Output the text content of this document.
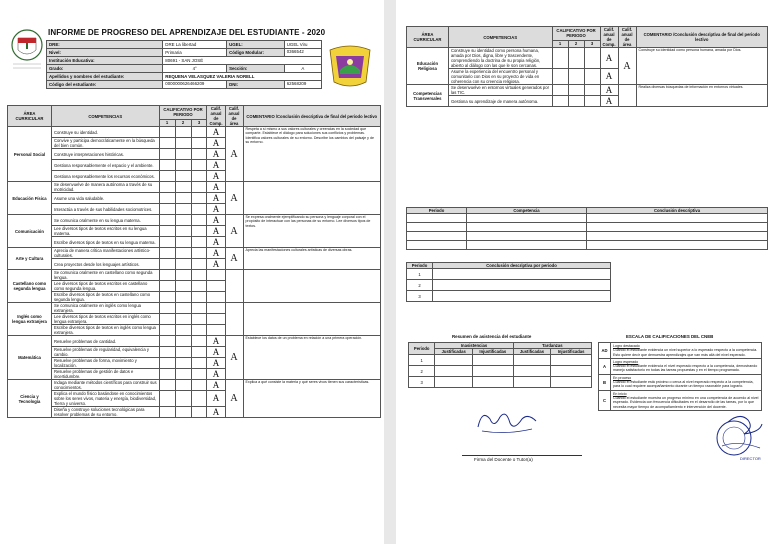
INFORME DE PROGRESO DEL APRENDIZAJE DEL ESTUDIANTE - 2020
DRE:	DRE La libertad	UGEL:	UGEL Viru
Nivel:	Primaria	Código Modular:	0366542
Institución Educativa:	80691 - SAN JOSÉ		
Grado:	4°	Sección:	A
Apellidos y nombres del estudiante:	REQUENA VELASQUEZ VALERIA NORELL		
Código del estudiante:	0000000626466209	DNI:	62568209
ÁREA CURRICULAR	COMPETENCIAS	CALIFICATIVO POR PERIODO			Calif. anual de Comp.	Calif. anual de área	COMENTARIO /Conclusión descriptiva de final del periodo lectivo
		1	2	3			
Personal Social	Construye su identidad.				A	A	Respeta a sí mismo a sus valores culturales y creencias en la sociedad que comparte. Establece el diálogo para soluciones sus conflictos y problemas. Identifica valores culturales de su entorno. Describe los cambios del paisaje y de su entorno.
	Convive y participa democráticamente en la búsqueda del bien común.				A		
	Construye interpretaciones históricas.				A		
	Gestiona responsablemente el espacio y el ambiente.				A		
	Gestiona responsablemente los recursos económicos.				A		
Educación Física	Se desenvuelve de manera autónoma a través de su motricidad.				A	A	
	Asume una vida saludable.				A		
	Interactúa a través de sus habilidades sociomotrices.				A		
Comunicación	Se comunica oralmente en su lengua materna.				A	A	Se expresa oralmente ejemplificando su persona y lenguaje corporal con el propósito de interactuar con las personas de su entorno. Lee diversos tipos de textos.
	Lee diversos tipos de textos escritos en su lengua materna.				A		
	Escribe diversos tipos de textos en su lengua materna.				A		
Arte y Cultura	Aprecia de manera crítica manifestaciones artístico-culturales.				A	A	Aprecia las manifestaciones culturales artísticas de diversas obras.
	Crea proyectos desde los lenguajes artísticos.				A		
Castellano como segunda lengua	Se comunica oralmente en castellano como segunda lengua.						
	Lee diversos tipos de textos escritos en castellano como segunda lengua.						
	Escribe diversos tipos de textos en castellano como segunda lengua.						
Inglés como lengua extranjera	Se comunica oralmente en inglés como lengua extranjera.						
	Lee diversos tipos de textos escritos en inglés como lengua extranjera.						
	Escribe diversos tipos de textos en inglés como lengua extranjera.						
Matemática	Resuelve problemas de cantidad.				A	A	Establece los datos de un problema en relación a una primera operación.
	Resuelve problemas de regularidad, equivalencia y cambio.				A		
	Resuelve problemas de forma, movimiento y localización.				A		
	Resuelve problemas de gestión de datos e incertidumbre.				A		
Ciencia y Tecnología	Indaga mediante métodos científicos para construir sus conocimientos.				A	A	Explica a qué consiste la materia y qué seres vivos tienen sus características.
	Explica el mundo físico basándose en conocimientos sobre los seres vivos, materia y energía, biodiversidad, Tierra y universo.				A		
	Diseña y construye soluciones tecnológicas para resolver problemas de su entorno.				A		
ÁREA CURRICULAR	COMPETENCIAS	CALIFICATIVO POR PERIODO			Calif. anual de Comp.	Calif. anual de área	COMENTARIO /Conclusión descriptiva de final del periodo lectivo
		1	2	3			
Educación Religiosa	Construye su identidad como persona humana, amada por Dios, digna, libre y trascendente, comprendiendo la doctrina de su propia religión, abierto al diálogo con las que le son cercanas.				A	A	Construye su identidad como persona humana, amada por Dios.
	Asume la experiencia del encuentro personal y comunitario con Dios en su proyecto de vida en coherencia con su creencia religiosa.				A		
Competencias Transversales	Se desenvuelve en entornos virtuales generados por las TIC.				A		Realiza diversas búsquedas de información en entornos virtuales.
	Gestiona su aprendizaje de manera autónoma.				A		
Periodo	Competencia	Conclusión descriptiva

Periodo	Conclusión descriptiva por periodo
1	
2	
3	
Resumen de asistencia del estudiante
Periodo	Inasistencias		Tardanzas	
	Justificadas	Injustificadas	Justificadas	Injustificadas
1				
2				
3				
ESCALA DE CALIFICACIONES DEL CNEB
AD	Logro destacado
Cuando el estudiante evidencia un nivel superior a lo esperado respecto a la competencia. Esto quiere decir que demuestra aprendizajes que van más allá del nivel esperado.

A	Logro esperado
Cuando el estudiante evidencia el nivel esperado respecto a la competencia, demostrando manejo satisfactorio en todas las tareas propuestas y en el tiempo programado.

B	En proceso
Cuando el estudiante está próximo o cerca al nivel esperado respecto a la competencia, para lo cual requiere acompañamiento durante un tiempo razonable para lograrlo.

C	En inicio
Cuando el estudiante muestra un progreso mínimo en una competencia de acuerdo al nivel esperado. Evidencia con frecuencia dificultades en el desarrollo de las tareas, por lo que necesita mayor tiempo de acompañamiento e intervención del docente.
Firma del Docente o Tutor(a)	DIRECTOR
